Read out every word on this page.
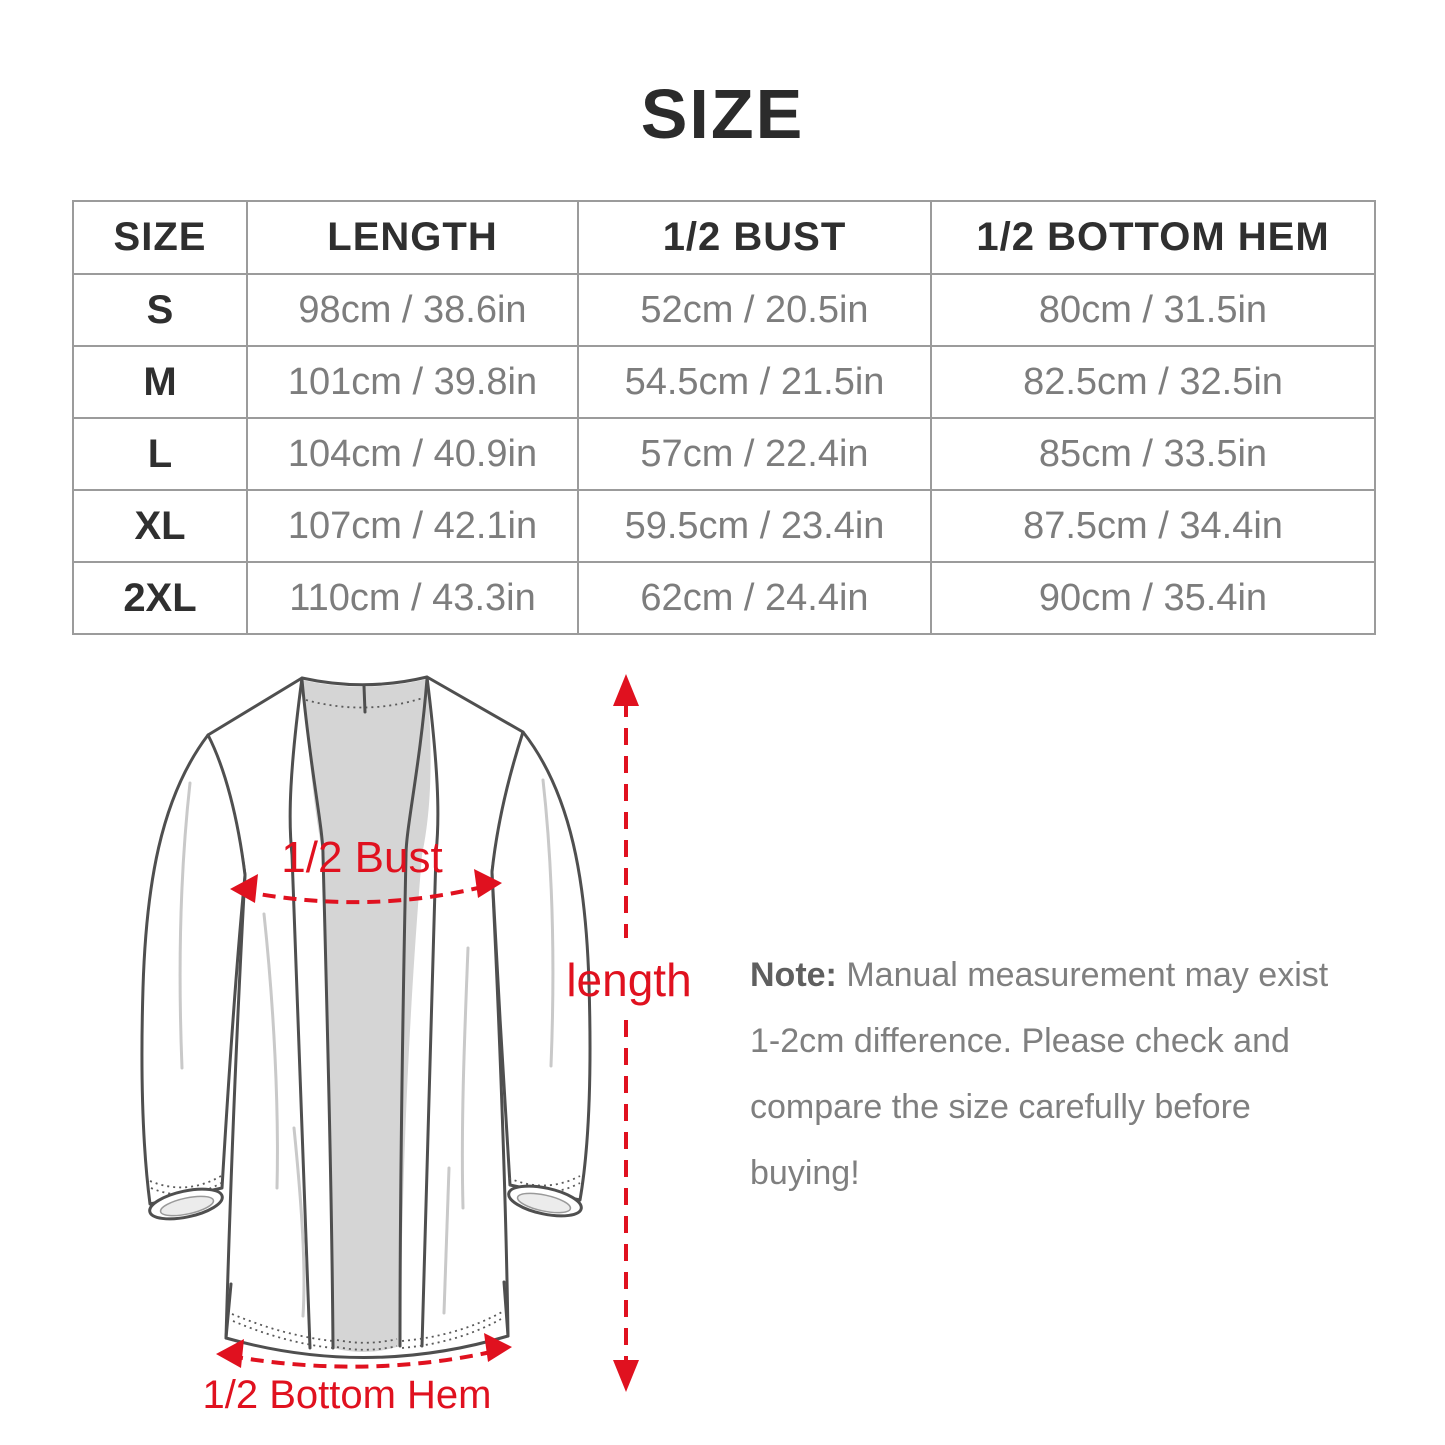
SIZE
SIZE	LENGTH	1/2 BUST	1/2 BOTTOM HEM
S	98cm / 38.6in	52cm / 20.5in	80cm / 31.5in
M	101cm / 39.8in	54.5cm / 21.5in	82.5cm / 32.5in
L	104cm / 40.9in	57cm / 22.4in	85cm / 33.5in
XL	107cm / 42.1in	59.5cm / 23.4in	87.5cm / 34.4in
2XL	110cm / 43.3in	62cm / 24.4in	90cm / 35.4in
1/2 Bust
length
1/2 Bottom Hem

Note: Manual measurement may exist 1-2cm difference. Please check and compare the size carefully before buying!
